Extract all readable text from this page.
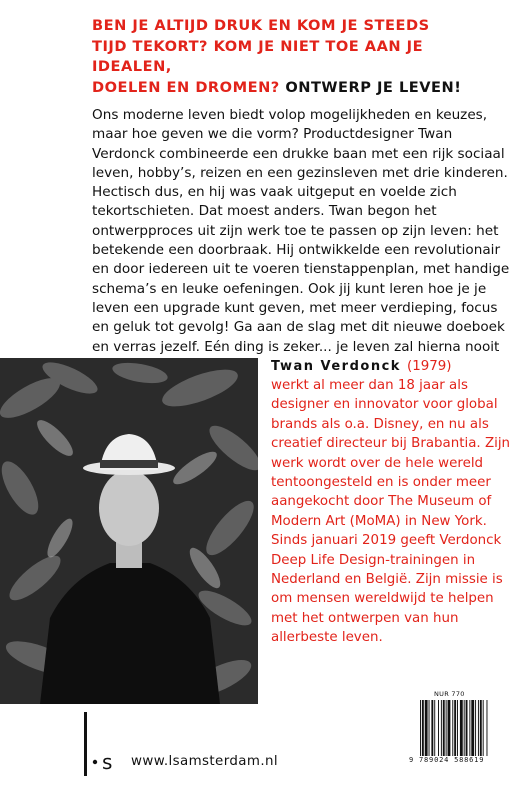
BEN JE ALTIJD DRUK EN KOM JE STEEDS
TIJD TEKORT? KOM JE NIET TOE AAN JE IDEALEN,
DOELEN EN DROMEN? ONTWERP JE LEVEN!
Ons moderne leven biedt volop mogelijkheden en keuzes, maar hoe geven we die vorm? Productdesigner Twan Verdonck combineerde een drukke baan met een rijk sociaal leven, hobby’s, reizen en een gezinsleven met drie kinderen. Hectisch dus, en hij was vaak uitgeput en voelde zich tekortschieten. Dat moest anders. Twan begon het ontwerpproces uit zijn werk toe te passen op zijn leven: het betekende een doorbraak. Hij ontwikkelde een revolutionair en door iedereen uit te voeren tienstappenplan, met handige schema’s en leuke oefeningen. Ook jij kunt leren hoe je je leven een upgrade kunt geven, met meer verdieping, focus en geluk tot gevolg! Ga aan de slag met dit nieuwe doeboek en verras jezelf. Eén ding is zeker... je leven zal hierna nooit
Twan Verdonck (1979)
werkt al meer dan 18 jaar als designer en innovator voor global brands als o.a. Disney, en nu als creatief directeur bij Brabantia. Zijn werk wordt over de hele wereld tentoongesteld en is onder meer aangekocht door The Museum of Modern Art (MoMA) in New York. Sinds januari 2019 geeft Verdonck Deep Life Design-trainingen in Nederland en België. Zijn missie is om mensen wereldwijd te helpen met het ontwerpen van hun allerbeste leven.
NUR 770
9 789024 588619
s www.lsamsterdam.nl
